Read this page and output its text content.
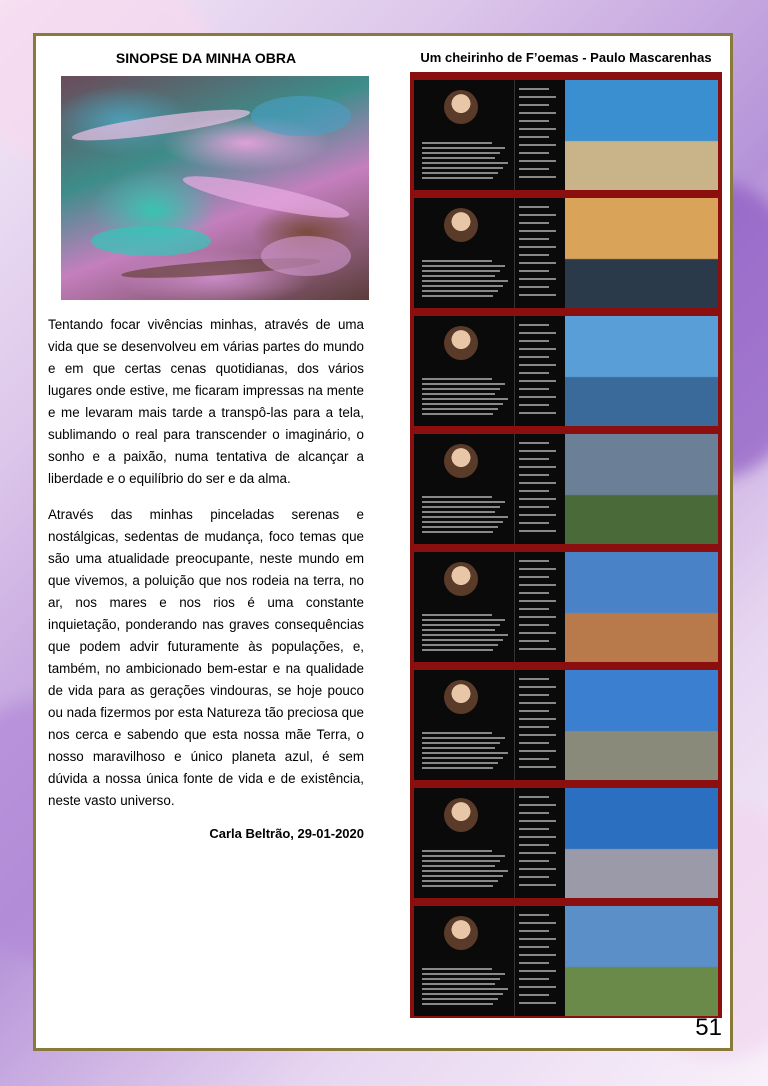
SINOPSE DA MINHA OBRA

Tentando focar vivências minhas, através de uma vida que se desenvolveu em várias partes do mundo e em que certas cenas quotidianas, dos vários lugares onde estive, me ficaram impressas na mente e me levaram mais tarde a transpô-las para a tela, sublimando o real para transcender o imaginário, o sonho e a paixão, numa tentativa de alcançar a liberdade e o equilíbrio do ser e da alma.

Através das minhas pinceladas serenas e nostálgicas, sedentas de mudança, foco temas que são uma atualidade preocupante, neste mundo em que vivemos, a poluição que nos rodeia na terra, no ar, nos mares e nos rios é uma constante inquietação, ponderando nas graves consequências que podem advir futuramente às populações, e, também, no ambicionado bem-estar e na qualidade de vida para as gerações vindouras, se hoje pouco ou nada fizermos por esta Natureza tão preciosa que nos cerca e sabendo que esta nossa mãe Terra, o nosso maravilhoso e único planeta azul, é sem dúvida a nossa única fonte de vida e de existência, neste vasto universo.

Carla Beltrão, 29-01-2020
Um cheirinho de F’oemas - Paulo Mascarenhas
51
